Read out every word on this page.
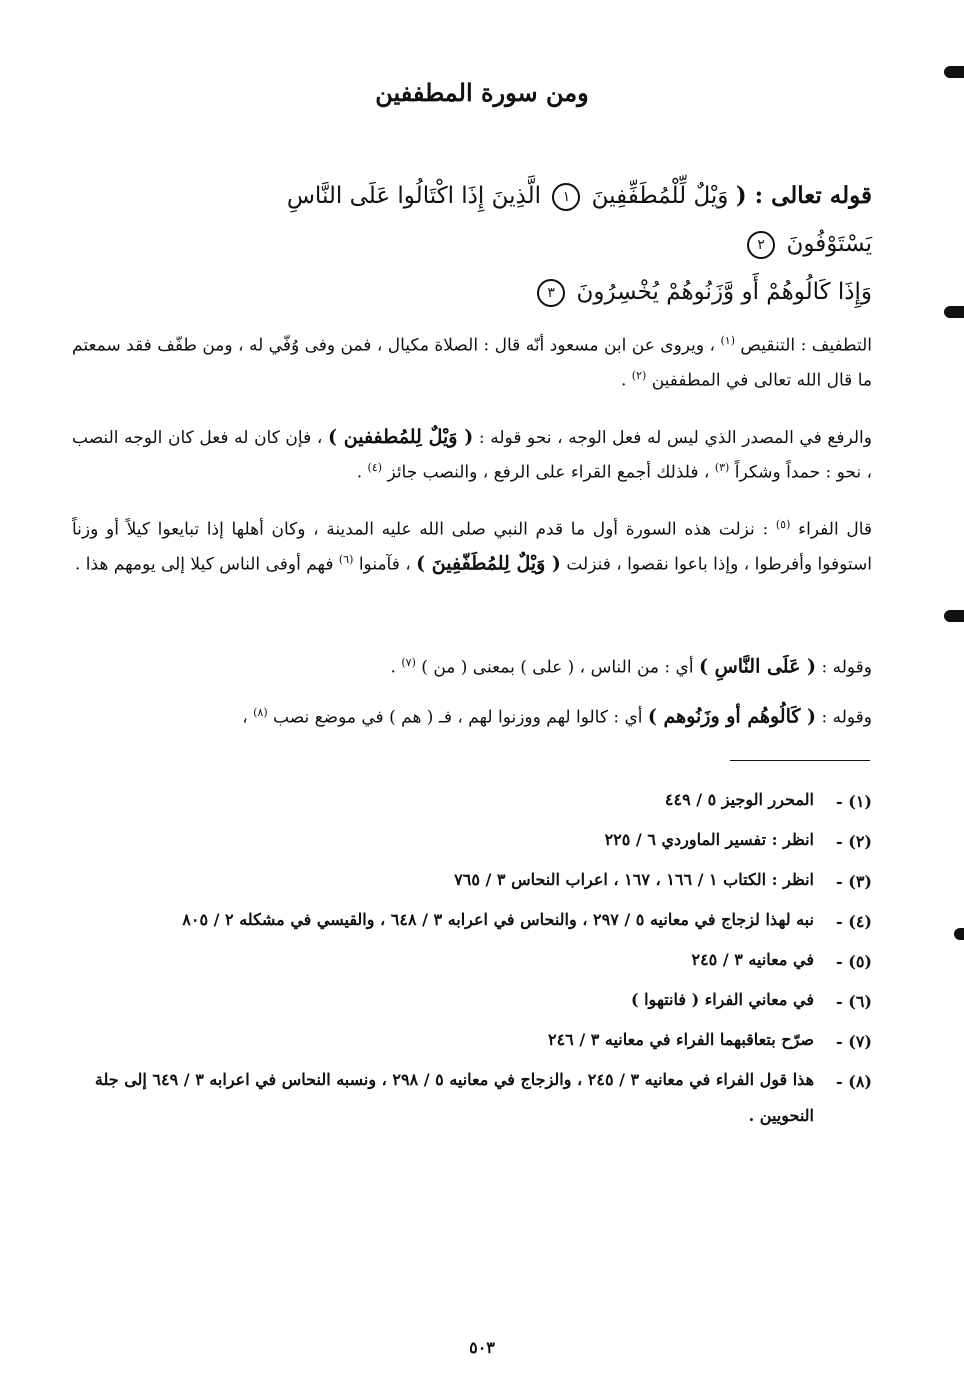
ومن سورة المطففين
قوله تعالى : ( وَيْلٌ لِّلْمُطَفِّفِينَ ١ الَّذِينَ إِذَا اكْتَالُوا عَلَى النَّاسِ يَسْتَوْفُونَ ٢
وَإِذَا كَالُوهُمْ أَو وَّزَنُوهُمْ يُخْسِرُونَ ٣
التطفيف : التنقيص $^{(١)}$ ، ويروى عن ابن مسعود أنّه قال : الصلاة مكيال ، فمن وفى وُفّي له ، ومن طفّف فقد سمعتم ما قال الله تعالى في المطففين $^{(٢)}$ .
والرفع في المصدر الذي ليس له فعل الوجه ، نحو قوله : ( وَيْلٌ لِلمُطففين ) ، فإن كان له فعل كان الوجه النصب ، نحو : حمداً وشكراً $^{(٣)}$ ، فلذلك أجمع القراء على الرفع ، والنصب جائز $^{(٤)}$ .
قال الفراء $^{(٥)}$ : نزلت هذه السورة أول ما قدم النبي صلى الله عليه المدينة ، وكان أهلها إذا تبايعوا كيلاً أو وزناً استوفوا وأفرطوا ، وإذا باعوا نقصوا ، فنزلت ( وَيْلٌ لِلمُطَفّفِينَ ) ، فآمنوا $^{(٦)}$ فهم أوفى الناس كيلا إلى يومهم هذا .
وقوله : ( عَلَى النَّاسِ ) أي : من الناس ، ( على ) بمعنى ( من ) $^{(٧)}$ .
وقوله : ( كَالُوهُم أو وزَنُوهم ) أي : كالوا لهم ووزنوا لهم ، فـ ( هم ) في موضع نصب $^{(٨)}$ ،
(١) -
المحرر الوجيز ٥ / ٤٤٩
(٢) -
انظر : تفسير الماوردي ٦ / ٢٢٥
(٣) -
انظر : الكتاب ١ / ١٦٦ ، ١٦٧ ، اعراب النحاس ٣ / ٧٦٥
(٤) -
نبه لهذا لزجاج في معانيه ٥ / ٢٩٧ ، والنحاس في اعرابه ٣ / ٦٤٨ ، والقيسي في مشكله ٢ / ٨٠٥
(٥) -
في معانيه ٣ / ٢٤٥
(٦) -
في معاني الفراء ( فانتهوا )
(٧) -
صرّح بتعاقبهما الفراء في معانيه ٣ / ٢٤٦
(٨) -
هذا قول الفراء في معانيه ٣ / ٢٤٥ ، والزجاج في معانيه ٥ / ٢٩٨ ، ونسبه النحاس في اعرابه ٣ / ٦٤٩ إلى جلة النحويين .
٥٠٣
